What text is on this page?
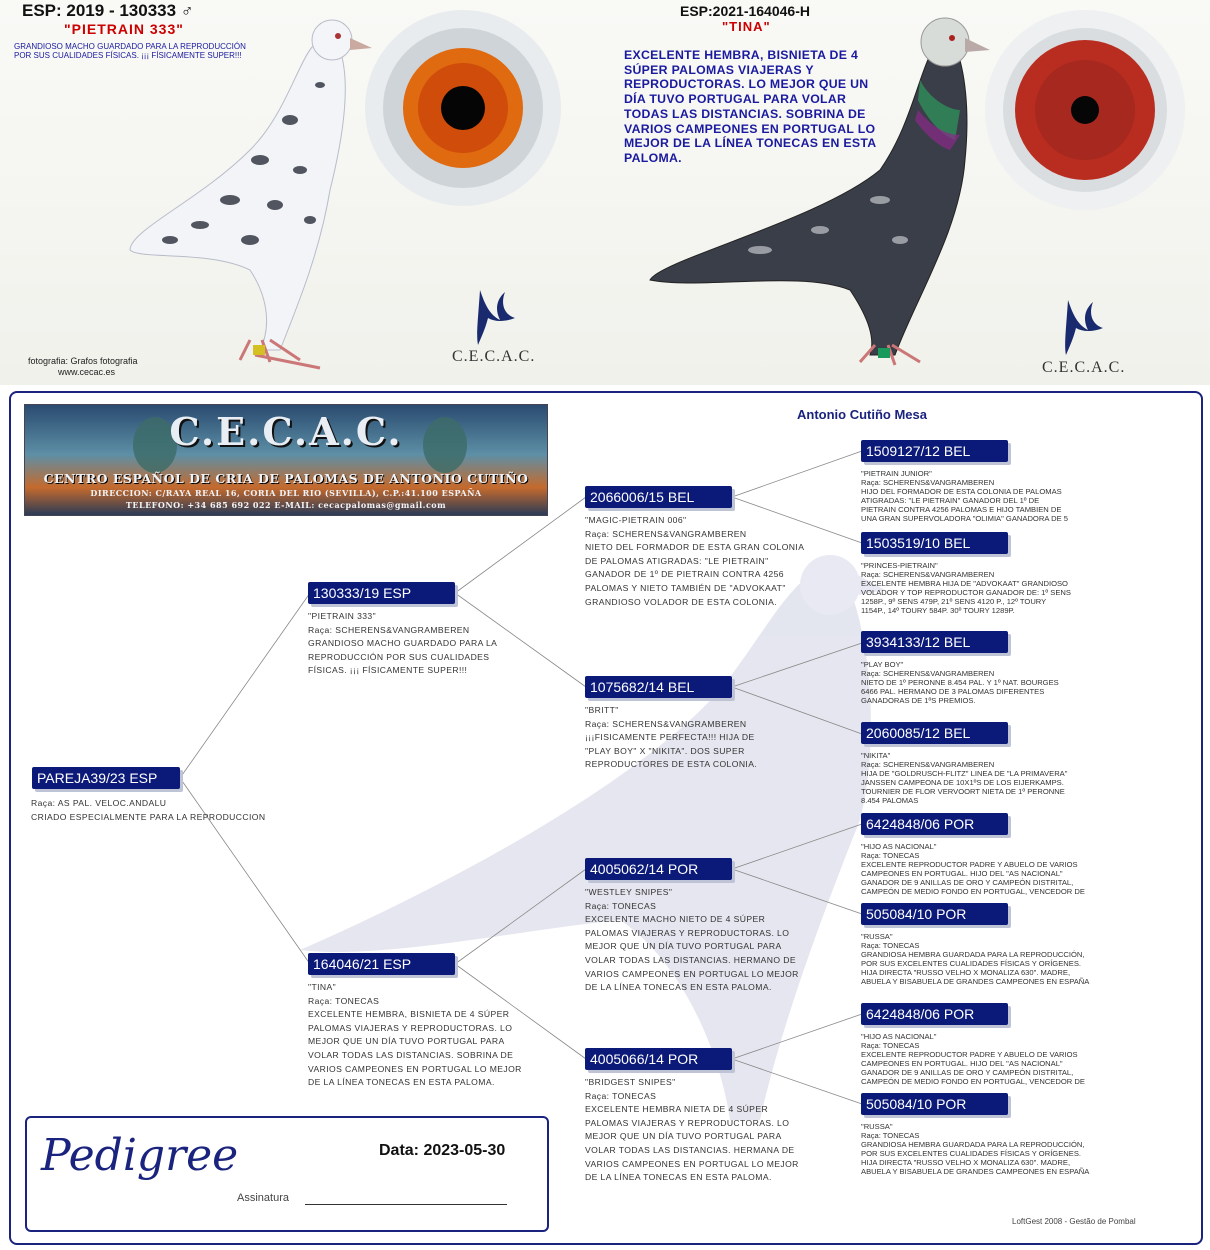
ESP: 2019 - 130333 ♂
"PIETRAIN 333"
GRANDIOSO MACHO GUARDADO PARA LA REPRODUCCIÓN
POR SUS CUALIDADES FÍSICAS. ¡¡¡ FÍSICAMENTE SUPER!!!
fotografia: Grafos fotografia
www.cecac.es
C.E.C.A.C.
ESP:2021-164046-H
"TINA"
EXCELENTE HEMBRA, BISNIETA DE 4 SÚPER PALOMAS VIAJERAS Y REPRODUCTORAS. LO MEJOR QUE UN DÍA TUVO PORTUGAL PARA VOLAR TODAS LAS DISTANCIAS. SOBRINA DE VARIOS CAMPEONES EN PORTUGAL LO MEJOR DE LA LÍNEA TONECAS EN ESTA PALOMA.
C.E.C.A.C.
C.E.C.A.C.
CENTRO ESPAÑOL DE CRIA DE PALOMAS DE ANTONIO CUTIÑO
DIRECCION: C/RAYA REAL 16, CORIA DEL RIO (SEVILLA), C.P.:41.100 ESPAÑA
TELEFONO: +34 685 692 022 E-MAIL: cecacpalomas@gmail.com
Antonio Cutiño Mesa
PAREJA39/23 ESP
Raça: AS PAL. VELOC.ANDALU
CRIADO ESPECIALMENTE PARA LA REPRODUCCION
130333/19 ESP
"PIETRAIN 333"
Raça: SCHERENS&VANGRAMBEREN
GRANDIOSO MACHO GUARDADO PARA LA
REPRODUCCIÓN POR SUS CUALIDADES
FÍSICAS. ¡¡¡ FÍSICAMENTE SUPER!!!
164046/21 ESP
"TINA"
Raça: TONECAS
EXCELENTE HEMBRA, BISNIETA DE 4 SÚPER
PALOMAS VIAJERAS Y REPRODUCTORAS. LO
MEJOR QUE UN DÍA TUVO PORTUGAL PARA
VOLAR TODAS LAS DISTANCIAS. SOBRINA DE
VARIOS CAMPEONES EN PORTUGAL LO MEJOR
DE LA LÍNEA TONECAS EN ESTA PALOMA.
2066006/15 BEL
"MAGIC-PIETRAIN 006"
Raça: SCHERENS&VANGRAMBEREN
NIETO DEL FORMADOR DE ESTA GRAN COLONIA
DE PALOMAS ATIGRADAS: "LE PIETRAIN"
GANADOR DE 1º DE PIETRAIN CONTRA 4256
PALOMAS Y NIETO TAMBIÉN DE "ADVOKAAT"
GRANDIOSO VOLADOR DE ESTA COLONIA.
1075682/14 BEL
"BRITT"
Raça: SCHERENS&VANGRAMBEREN
¡¡¡FISICAMENTE PERFECTA!!! HIJA DE
"PLAY BOY" X "NIKITA". DOS SUPER
REPRODUCTORES DE ESTA COLONIA.
4005062/14 POR
"WESTLEY SNIPES"
Raça: TONECAS
EXCELENTE MACHO NIETO DE 4 SÚPER
PALOMAS VIAJERAS Y REPRODUCTORAS. LO
MEJOR QUE UN DÍA TUVO PORTUGAL PARA
VOLAR TODAS LAS DISTANCIAS. HERMANO DE
VARIOS CAMPEONES EN PORTUGAL LO MEJOR
DE LA LÍNEA TONECAS EN ESTA PALOMA.
4005066/14 POR
"BRIDGEST SNIPES"
Raça: TONECAS
EXCELENTE HEMBRA NIETA DE 4 SÚPER
PALOMAS VIAJERAS Y REPRODUCTORAS. LO
MEJOR QUE UN DÍA TUVO PORTUGAL PARA
VOLAR TODAS LAS DISTANCIAS. HERMANA DE
VARIOS CAMPEONES EN PORTUGAL LO MEJOR
DE LA LÍNEA TONECAS EN ESTA PALOMA.
1509127/12 BEL
"PIETRAIN JUNIOR"
Raça: SCHERENS&VANGRAMBEREN
HIJO DEL FORMADOR DE ESTA COLONIA DE PALOMAS
ATIGRADAS: "LE PIETRAIN" GANADOR DEL 1º DE
PIETRAIN CONTRA 4256 PALOMAS E HIJO TAMBIEN DE
UNA GRAN SUPERVOLADORA "OLIMIA" GANADORA DE 5
1503519/10 BEL
"PRINCES-PIETRAIN"
Raça: SCHERENS&VANGRAMBEREN
EXCELENTE HEMBRA HIJA DE "ADVOKAAT" GRANDIOSO
VOLADOR Y TOP REPRODUCTOR GANADOR DE: 1º SENS
1258P., 9º SENS 479P, 21º SENS 4120 P., 12º TOURY
1154P., 14º TOURY 584P. 30º TOURY 1289P.
3934133/12 BEL
"PLAY BOY"
Raça: SCHERENS&VANGRAMBEREN
NIETO DE 1º PERONNE 8.454 PAL. Y 1º NAT. BOURGES
6466 PAL. HERMANO DE 3 PALOMAS DIFERENTES
GANADORAS DE 1ºS PREMIOS.
2060085/12 BEL
"NIKITA"
Raça: SCHERENS&VANGRAMBEREN
HIJA DE "GOLDRUSCH-FLITZ" LINEA DE "LA PRIMAVERA"
JANSSEN CAMPEONA DE 10X1ºS DE LOS EIJERKAMPS.
TOURNIER DE FLOR VERVOORT NIETA DE 1º PERONNE
8.454 PALOMAS
6424848/06 POR
"HIJO AS NACIONAL"
Raça: TONECAS
EXCELENTE REPRODUCTOR PADRE Y ABUELO DE VARIOS
CAMPEONES EN PORTUGAL. HIJO DEL "AS NACIONAL"
GANADOR DE 9 ANILLAS DE ORO Y CAMPEÓN DISTRITAL,
CAMPEÓN DE MEDIO FONDO EN PORTUGAL, VENCEDOR DE
505084/10 POR
"RUSSA"
Raça: TONECAS
GRANDIOSA HEMBRA GUARDADA PARA LA REPRODUCCIÓN,
POR SUS EXCELENTES CUALIDADES FÍSICAS Y ORÍGENES.
HIJA DIRECTA "RUSSO VELHO X MONALIZA 630". MADRE,
ABUELA Y BISABUELA DE GRANDES CAMPEONES EN ESPAÑA
6424848/06 POR
"HIJO AS NACIONAL"
Raça: TONECAS
EXCELENTE REPRODUCTOR PADRE Y ABUELO DE VARIOS
CAMPEONES EN PORTUGAL. HIJO DEL "AS NACIONAL"
GANADOR DE 9 ANILLAS DE ORO Y CAMPEÓN DISTRITAL,
CAMPEÓN DE MEDIO FONDO EN PORTUGAL, VENCEDOR DE
505084/10 POR
"RUSSA"
Raça: TONECAS
GRANDIOSA HEMBRA GUARDADA PARA LA REPRODUCCIÓN,
POR SUS EXCELENTES CUALIDADES FÍSICAS Y ORÍGENES.
HIJA DIRECTA "RUSSO VELHO X MONALIZA 630". MADRE,
ABUELA Y BISABUELA DE GRANDES CAMPEONES EN ESPAÑA
Pedigree	Data: 2023-05-30
Assinatura
LoftGest 2008 - Gestão de Pombal
